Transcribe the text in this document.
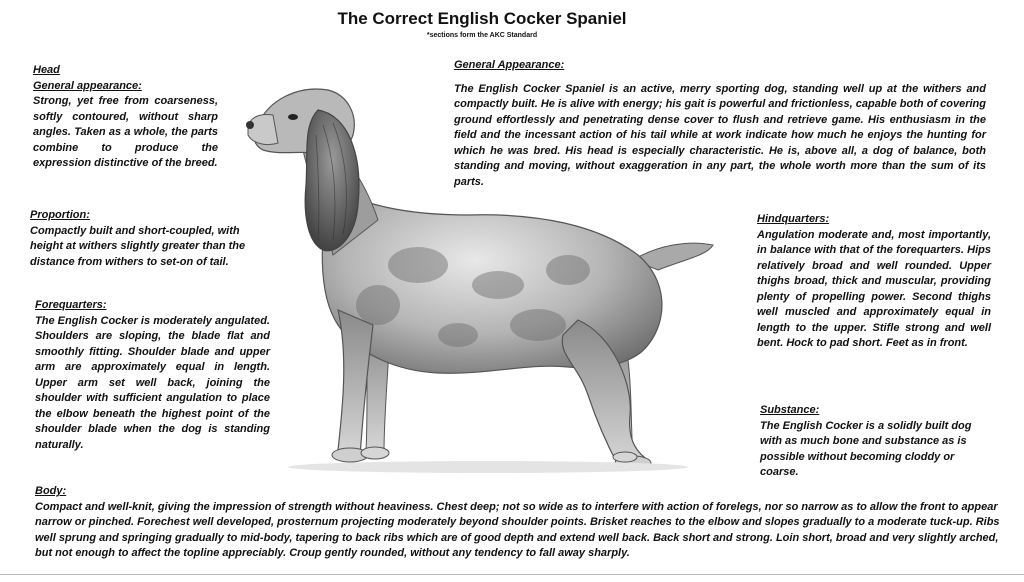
The Correct English Cocker Spaniel
*sections form the AKC Standard
Head
General appearance:
Strong, yet free from coarseness, softly contoured, without sharp angles. Taken as a whole, the parts combine to produce the expression distinctive of the breed.
Proportion:
Compactly built and short-coupled, with height at withers slightly greater than the distance from withers to set-on of tail.
Forequarters:
The English Cocker is moderately angulated. Shoulders are sloping, the blade flat and smoothly fitting. Shoulder blade and upper arm are approximately equal in length. Upper arm set well back, joining the shoulder with sufficient angulation to place the elbow beneath the highest point of the shoulder blade when the dog is standing naturally.
General Appearance:
The English Cocker Spaniel is an active, merry sporting dog, standing well up at the withers and compactly built. He is alive with energy; his gait is powerful and frictionless, capable both of covering ground effortlessly and penetrating dense cover to flush and retrieve game. His enthusiasm in the field and the incessant action of his tail while at work indicate how much he enjoys the hunting for which he was bred. His head is especially characteristic. He is, above all, a dog of balance, both standing and moving, without exaggeration in any part, the whole worth more than the sum of its parts.
Hindquarters:
Angulation moderate and, most importantly, in balance with that of the forequarters. Hips relatively broad and well rounded. Upper thighs broad, thick and muscular, providing plenty of propelling power. Second thighs well muscled and approximately equal in length to the upper. Stifle strong and well bent. Hock to pad short. Feet as in front.
Substance:
The English Cocker is a solidly built dog with as much bone and substance as is possible without becoming cloddy or coarse.
Body:
Compact and well-knit, giving the impression of strength without heaviness. Chest deep; not so wide as to interfere with action of forelegs, nor so narrow as to allow the front to appear narrow or pinched. Forechest well developed, prosternum projecting moderately beyond shoulder points. Brisket reaches to the elbow and slopes gradually to a moderate tuck-up. Ribs well sprung and springing gradually to mid-body, tapering to back ribs which are of good depth and extend well back. Back short and strong. Loin short, broad and very slightly arched, but not enough to affect the topline appreciably. Croup gently rounded, without any tendency to fall away sharply.
